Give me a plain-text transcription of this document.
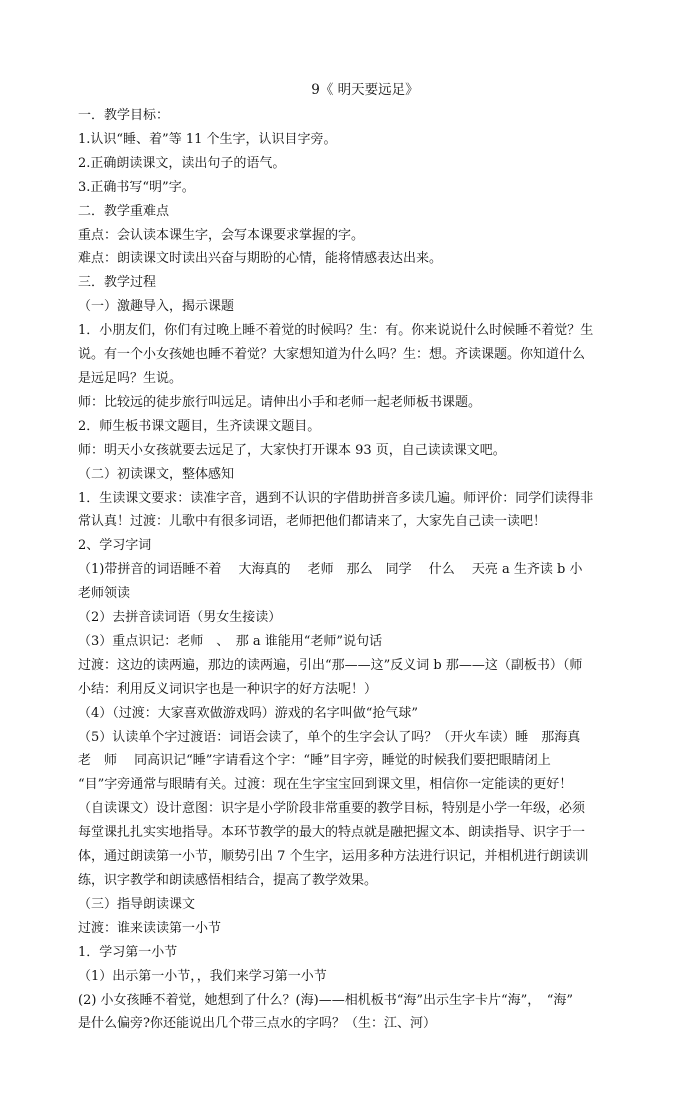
9《 明天要远足》

一．教学目标：

1.认识“睡、着”等 11 个生字，认识目字旁。

2.正确朗读课文，读出句子的语气。

3.正确书写“明”字。

二．教学重难点

重点：会认读本课生字，会写本课要求掌握的字。

难点：朗读课文时读出兴奋与期盼的心情，能将情感表达出来。

三．教学过程

（一）激趣导入，揭示课题

1．小朋友们，你们有过晚上睡不着觉的时候吗？生：有。你来说说什么时候睡不着觉？生

说。有一个小女孩她也睡不着觉？大家想知道为什么吗？生：想。齐读课题。你知道什么

是远足吗？生说。

师：比较远的徒步旅行叫远足。请伸出小手和老师一起老师板书课题。

2．师生板书课文题目，生齐读课文题目。

师：明天小女孩就要去远足了，大家快打开课本 93 页，自己读读课文吧。

（二）初读课文，整体感知

1．生读课文要求：读准字音，遇到不认识的字借助拼音多读几遍。师评价：同学们读得非

常认真！过渡：儿歌中有很多词语，老师把他们都请来了，大家先自己读一读吧！

2、学习字词

（1)带拼音的词语睡不着　 大海真的　 老师　那么　同学　 什么　 天亮 a 生齐读 b 小

老师领读

（2）去拼音读词语（男女生接读）

（3）重点识记：老师　、　那 a 谁能用“老师”说句话

过渡：这边的读两遍，那边的读两遍，引出“那——这”反义词 b 那——这（副板书）（师

小结：利用反义词识字也是一种识字的好方法呢！）

（4）（过渡：大家喜欢做游戏吗）游戏的名字叫做“抢气球”

（5）认读单个字过渡语：词语会读了，单个的生字会认了吗？（开火车读）睡　那海真

老　师　 同高识记“睡”字请看这个字：“睡”目字旁，睡觉的时候我们要把眼睛闭上

“目”字旁通常与眼睛有关。过渡：现在生字宝宝回到课文里，相信你一定能读的更好！

（自读课文）设计意图：识字是小学阶段非常重要的教学目标，特别是小学一年级，必须

每堂课扎扎实实地指导。本环节教学的最大的特点就是融把握文本、朗读指导、识字于一

体，通过朗读第一小节，顺势引出 7 个生字，运用多种方法进行识记，并相机进行朗读训

练，识字教学和朗读感悟相结合，提高了教学效果。

（三）指导朗读课文

过渡：谁来读读第一小节

1．学习第一小节

（1）出示第一小节，，我们来学习第一小节

(2) 小女孩睡不着觉，她想到了什么？(海)——相机板书“海”出示生字卡片“海”，　“海”

是什么偏旁?你还能说出几个带三点水的字吗？（生：江、河）
